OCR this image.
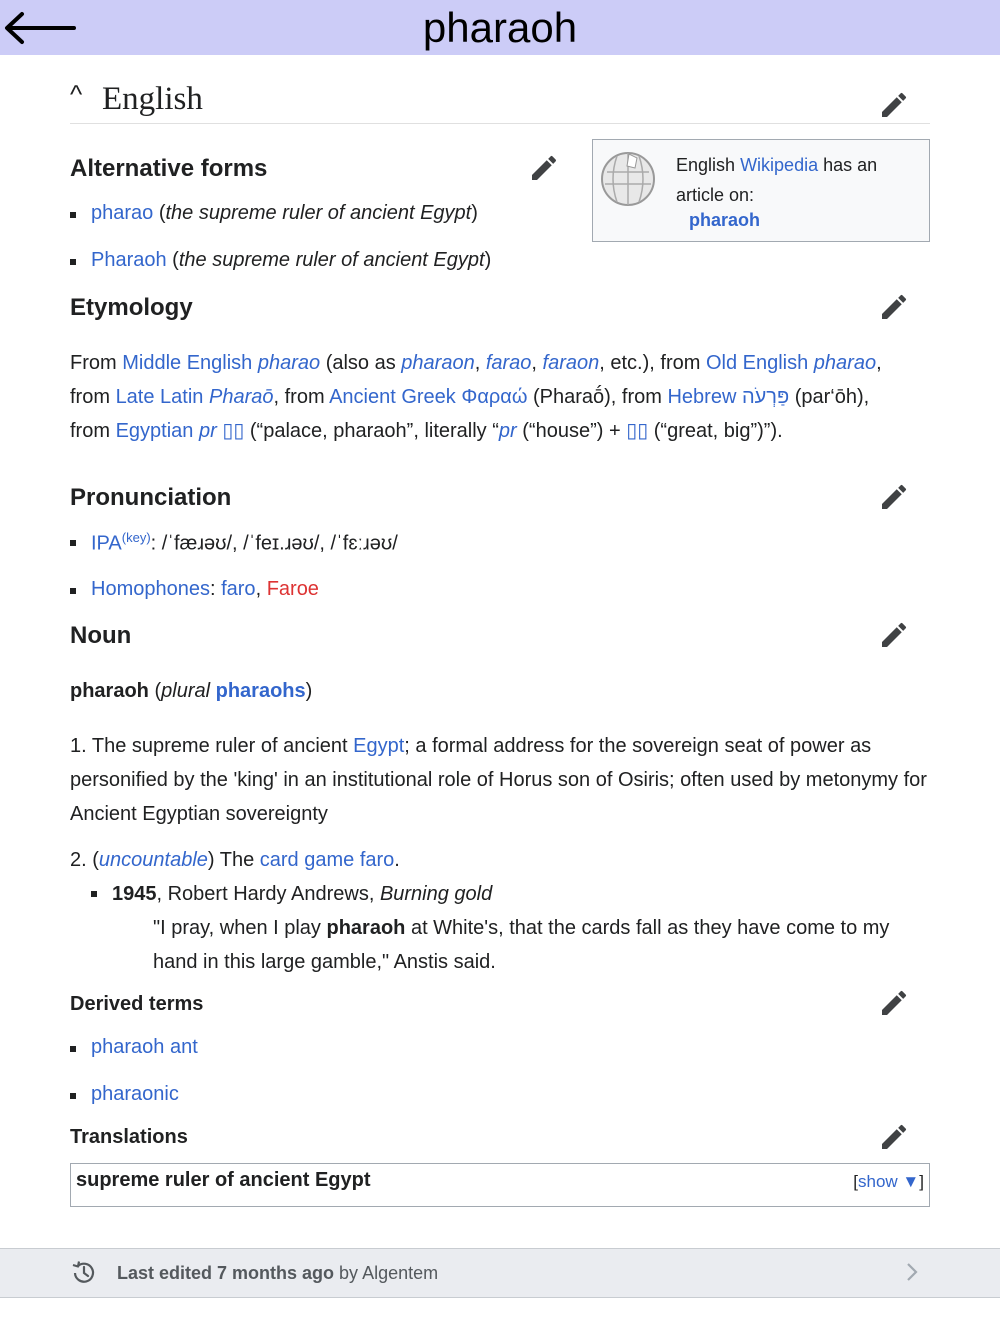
pharaoh
^ English
English Wikipedia has an article on:
pharaoh
Alternative forms
pharao (the supreme ruler of ancient Egypt)
Pharaoh (the supreme ruler of ancient Egypt)
Etymology
From Middle English pharao (also as pharaon, farao, faraon, etc.), from Old English pharao,
from Late Latin Pharaō, from Ancient Greek Φαραώ (Pharaṓ), from Hebrew פַּרְעֹה (par‘ōh),
from Egyptian pr ▯▯ (“palace, pharaoh”, literally “pr (“house”) + ▯▯ (“great, big”)”).
Pronunciation
$IPA^{(key)}$: /ˈfæɹəʊ/, /ˈfeɪ.ɹəʊ/, /ˈfɛːɹəʊ/
Homophones: faro, Faroe
Noun
pharaoh (plural pharaohs)
1. The supreme ruler of ancient Egypt; a formal address for the sovereign seat of power as personified by the 'king' in an institutional role of Horus son of Osiris; often used by metonymy for Ancient Egyptian sovereignty
2. (uncountable) The card game faro.
1945, Robert Hardy Andrews, Burning gold
"I pray, when I play pharaoh at White's, that the cards fall as they have come to my hand in this large gamble," Anstis said.
Derived terms
pharaoh ant
pharaonic
Translations
supreme ruler of ancient Egypt	[show ▼]
Last edited 7 months ago by Algentem
